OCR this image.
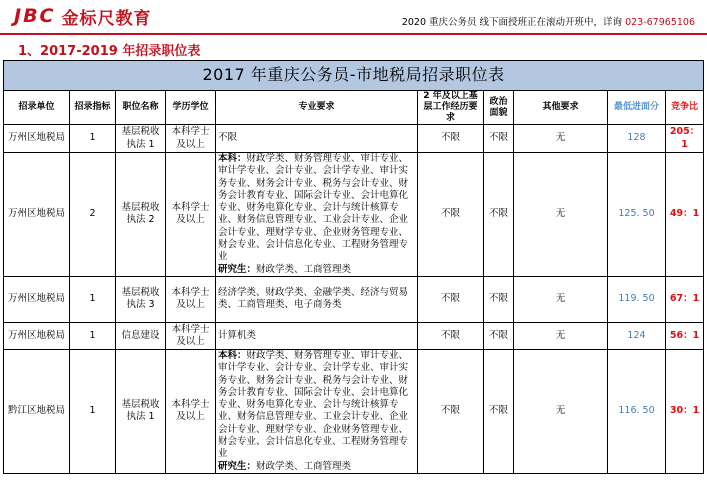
JBC 金标尺教育	2020 重庆公务员 线下面授班正在滚动开班中，详询 023-67965106
1、2017-2019 年招录职位表
2017 年重庆公务员-市地税局招录职位表									
招录单位	招录指标	职位名称	学历学位	专业要求	2 年及以上基层工作经历要求	政治面貌	其他要求	最低进面分	竞争比
万州区地税局	1	基层税收执法 1	本科学士及以上	不限	不限	不限	无	128	205：1
万州区地税局	2	基层税收执法 2	本科学士及以上	本科：财政学类、财务管理专业、审计专业、审计学专业、会计专业、会计学专业、审计实务专业、财务会计专业、税务与会计专业、财务会计教育专业、国际会计专业、会计电算化专业、财务电算化专业、会计与统计核算专业、财务信息管理专业、工业会计专业、企业会计专业、理财学专业、企业财务管理专业、财会专业、会计信息化专业、工程财务管理专业
研究生：财政学类、工商管理类	不限	不限	无	125. 50	49：1
万州区地税局	1	基层税收执法 3	本科学士及以上	经济学类、财政学类、金融学类、经济与贸易类、工商管理类、电子商务类	不限	不限	无	119. 50	67：1
万州区地税局	1	信息建设	本科学士及以上	计算机类	不限	不限	无	124	56：1
黔江区地税局	1	基层税收执法 1	本科学士及以上	本科：财政学类、财务管理专业、审计专业、审计学专业、会计专业、会计学专业、审计实务专业、财务会计专业、税务与会计专业、财务会计教育专业、国际会计专业、会计电算化专业、财务电算化专业、会计与统计核算专业、财务信息管理专业、工业会计专业、企业会计专业、理财学专业、企业财务管理专业、财会专业、会计信息化专业、工程财务管理专业
研究生：财政学类、工商管理类	不限	不限	无	116. 50	30：1
